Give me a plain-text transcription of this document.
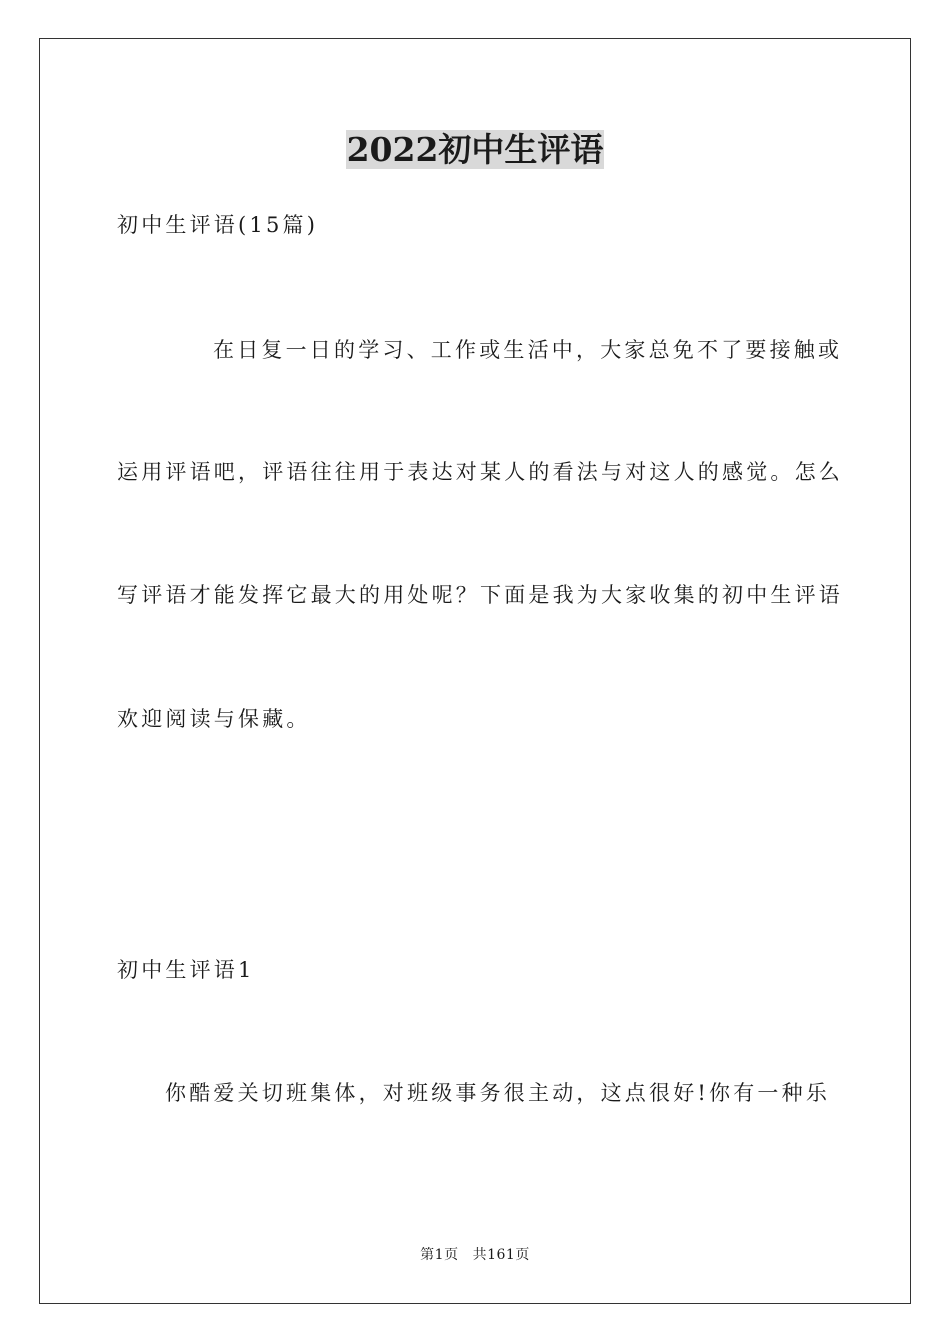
2022初中生评语

初中生评语(15篇)

在日复一日的学习、工作或生活中，大家总免不了要接触或

运用评语吧，评语往往用于表达对某人的看法与对这人的感觉。怎么

写评语才能发挥它最大的用处呢？下面是我为大家收集的初中生评语

欢迎阅读与保藏。

初中生评语1

你酷爱关切班集体，对班级事务很主动，这点很好!你有一种乐

第1页 共161页
